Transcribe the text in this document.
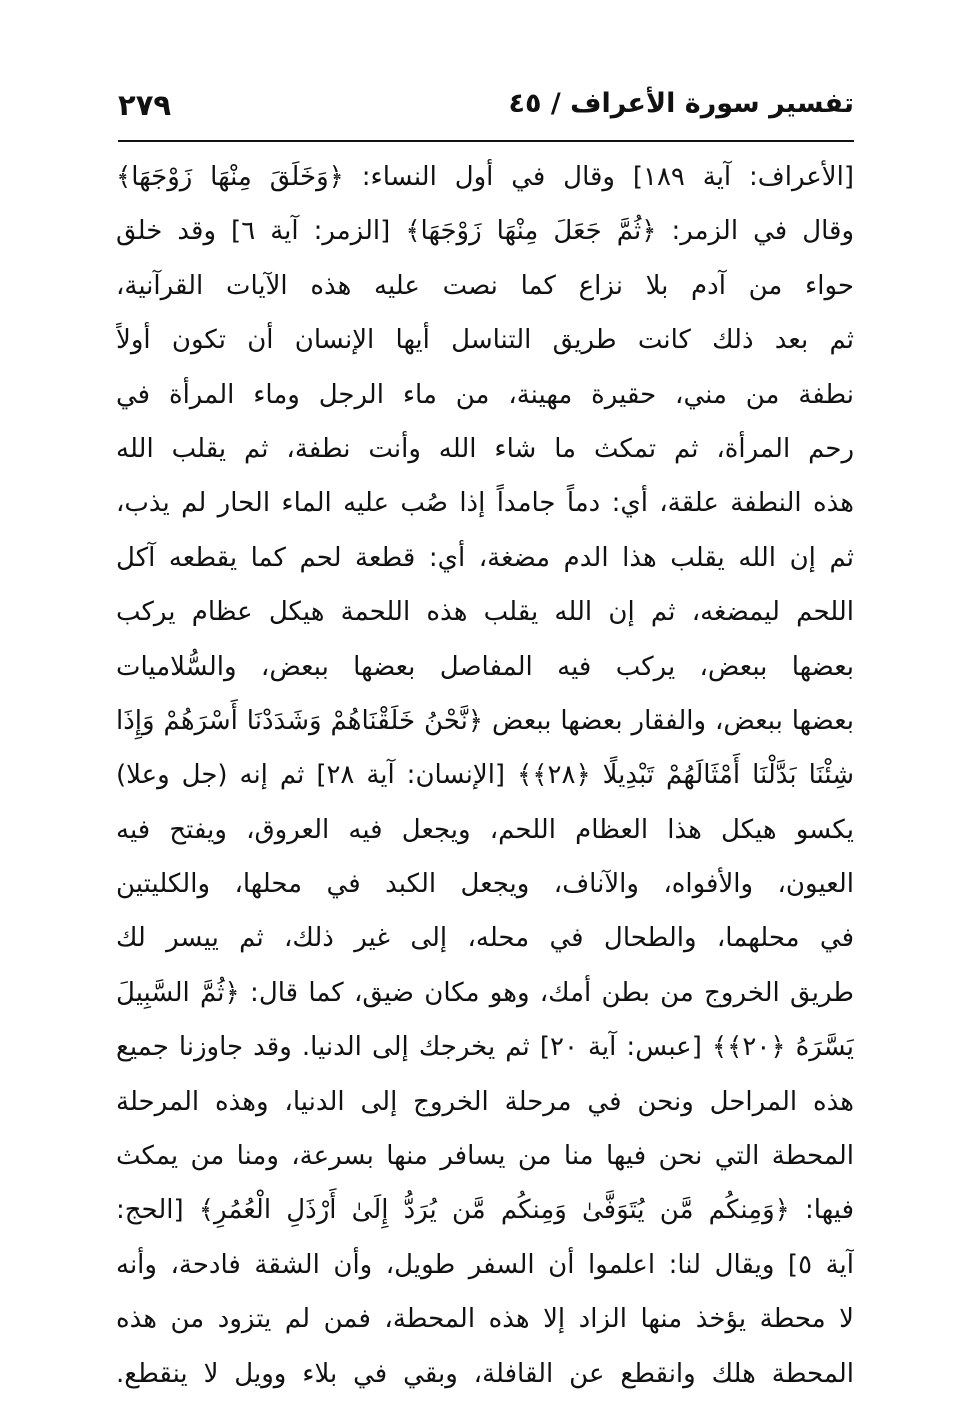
تفسير سورة الأعراف / ٤٥
٢٧٩
[الأعراف: آية ١٨٩] وقال في أول النساء: ﴿وَخَلَقَ مِنْهَا زَوْجَهَا﴾
وقال في الزمر: ﴿ثُمَّ جَعَلَ مِنْهَا زَوْجَهَا﴾ [الزمر: آية ٦] وقد خلق
حواء من آدم بلا نزاع كما نصت عليه هذه الآيات القرآنية،
ثم بعد ذلك كانت طريق التناسل أيها الإنسان أن تكون أولاً
نطفة من مني، حقيرة مهينة، من ماء الرجل وماء المرأة في
رحم المرأة، ثم تمكث ما شاء الله وأنت نطفة، ثم يقلب الله
هذه النطفة علقة، أي: دماً جامداً إذا صُب عليه الماء الحار لم يذب،
ثم إن الله يقلب هذا الدم مضغة، أي: قطعة لحم كما يقطعه آكل
اللحم ليمضغه، ثم إن الله يقلب هذه اللحمة هيكل عظام يركب
بعضها ببعض، يركب فيه المفاصل بعضها ببعض، والسُّلاميات
بعضها ببعض، والفقار بعضها ببعض ﴿نَّحْنُ خَلَقْنَاهُمْ وَشَدَدْنَا أَسْرَهُمْ وَإِذَا
شِئْنَا بَدَّلْنَا أَمْثَالَهُمْ تَبْدِيلًا ﴿٢٨﴾﴾ [الإنسان: آية ٢٨] ثم إنه (جل وعلا)
يكسو هيكل هذا العظام اللحم، ويجعل فيه العروق، ويفتح فيه
العيون، والأفواه، والآناف، ويجعل الكبد في محلها، والكليتين
في محلهما، والطحال في محله، إلى غير ذلك، ثم ييسر لك
طريق الخروج من بطن أمك، وهو مكان ضيق، كما قال: ﴿ثُمَّ السَّبِيلَ
يَسَّرَهُ ﴿٢٠﴾﴾ [عبس: آية ٢٠] ثم يخرجك إلى الدنيا. وقد جاوزنا جميع
هذه المراحل ونحن في مرحلة الخروج إلى الدنيا، وهذه المرحلة
المحطة التي نحن فيها منا من يسافر منها بسرعة، ومنا من يمكث
فيها: ﴿وَمِنكُم مَّن يُتَوَفَّىٰ وَمِنكُم مَّن يُرَدُّ إِلَىٰ أَرْذَلِ الْعُمُرِ﴾ [الحج:
آية ٥] ويقال لنا: اعلموا أن السفر طويل، وأن الشقة فادحة، وأنه
لا محطة يؤخذ منها الزاد إلا هذه المحطة، فمن لم يتزود من هذه
المحطة هلك وانقطع عن القافلة، وبقي في بلاء وويل لا ينقطع.
